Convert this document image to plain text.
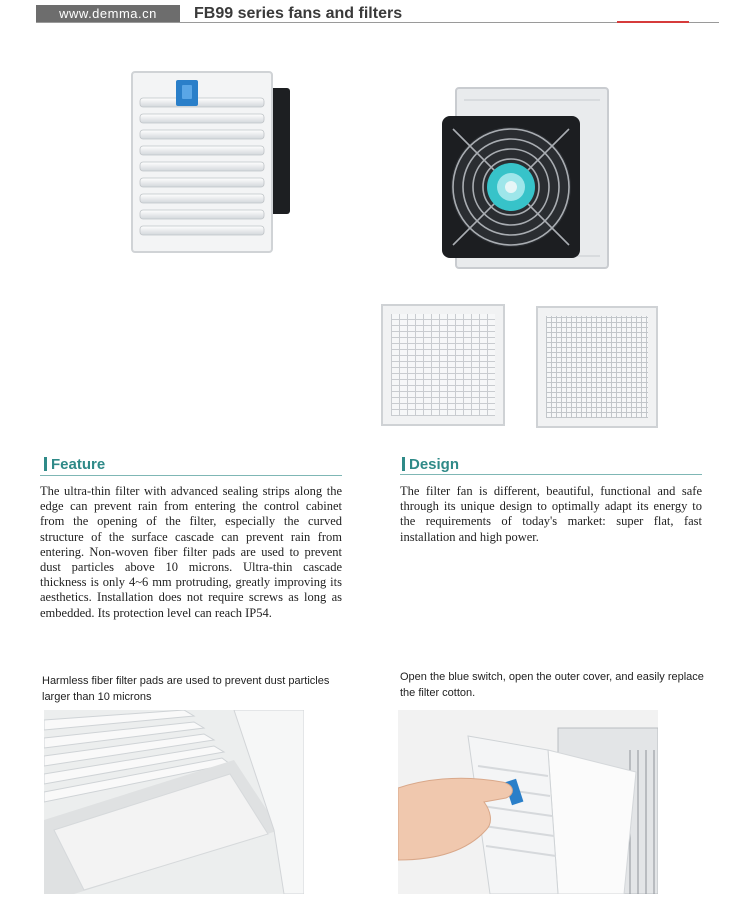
www.demma.cn	FB99 series fans and filters
Feature
The ultra-thin filter with advanced sealing strips along the edge can prevent rain from entering the control cabinet from the opening of the filter, especially the curved structure of the surface cascade can prevent rain from entering. Non-woven fiber filter pads are used to prevent dust particles above 10 microns. Ultra-thin cascade thickness is only 4~6 mm protruding, greatly improving its aesthetics. Installation does not require screws as long as embedded. Its protection level can reach IP54.
Design
The filter fan is different, beautiful, functional and safe through its unique design to optimally adapt its energy to the requirements of today's market: super flat, fast installation and high power.
Harmless fiber filter pads are used to prevent dust particles larger than 10 microns
Open the blue switch, open the outer cover, and easily replace the filter cotton.
